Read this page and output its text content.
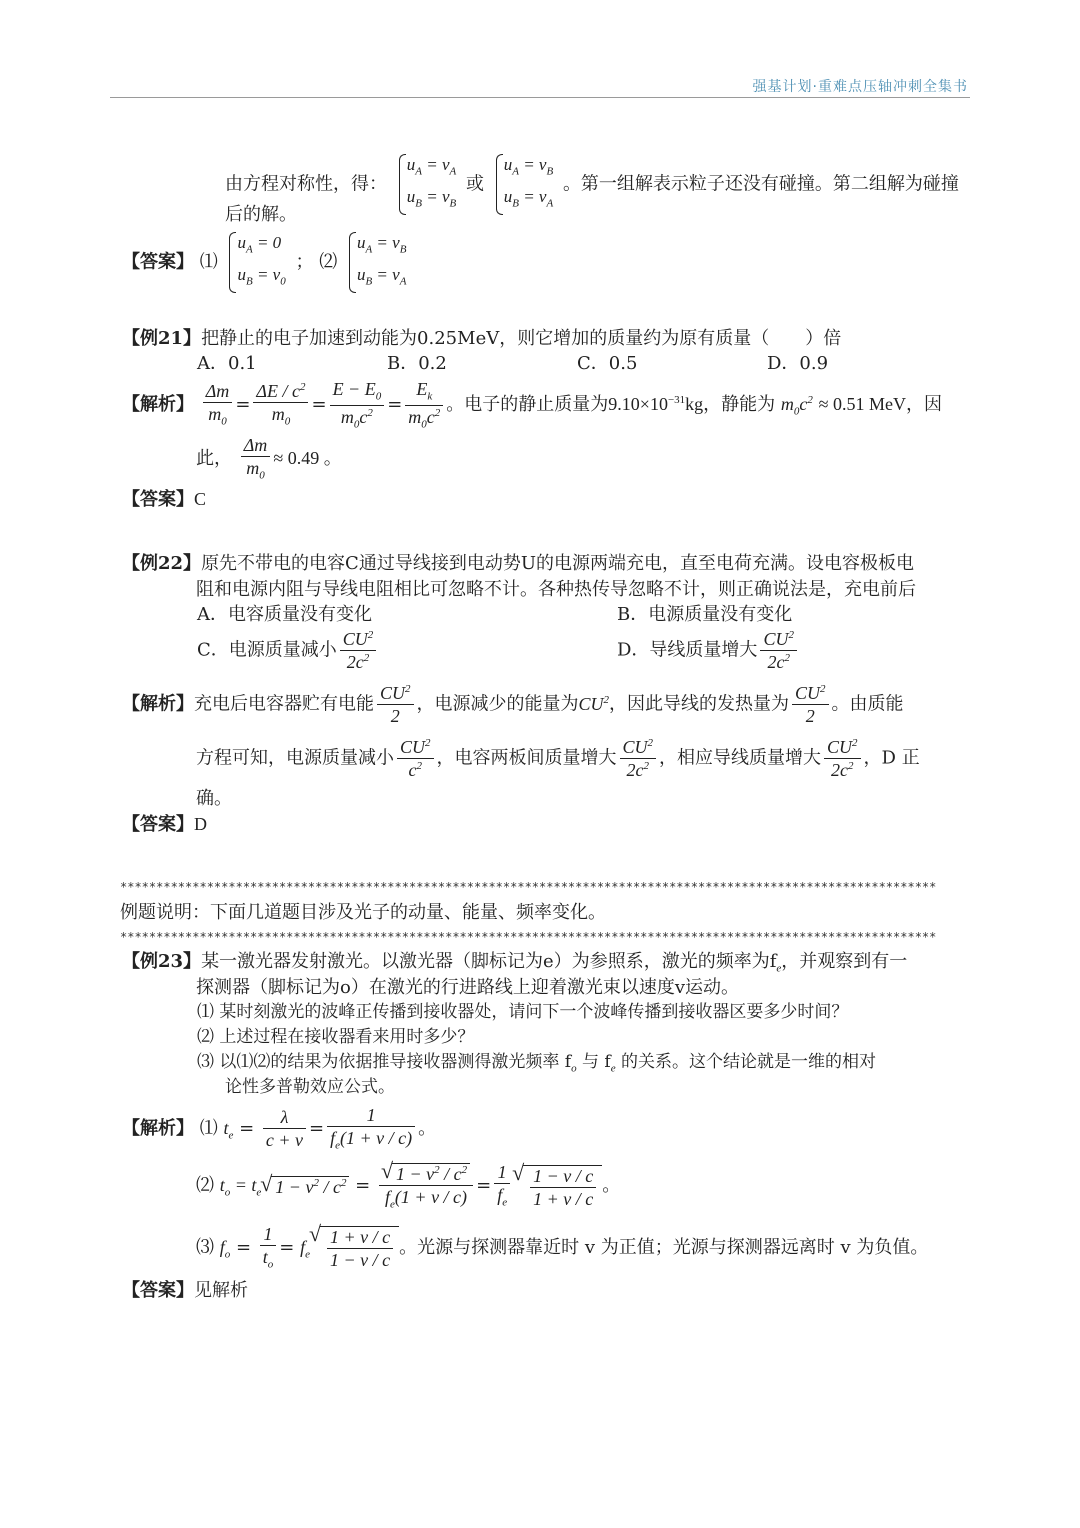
强基计划·重难点压轴冲刺全集书
由方程对称性，得：
$u_A = v_A$
$u_B = v_B$
或
$u_A = v_B$
$u_B = v_A$
。第一组解表示粒子还没有碰撞。第二组解为碰撞
后的解。
【答案】 ⑴
$u_A = 0$
$u_B = v_0$
； ⑵
$u_A = v_B$
$u_B = v_A$
【例21】把静止的电子加速到动能为0.25MeV，则它增加的质量约为原有质量（　　）倍
A．0.1	B．0.2	C．0.5	D．0.9
【解析】 $\frac{\Delta m}{m_0} = \frac{\Delta E / c^2}{m_0} = \frac{E - E_0}{m_0c^2} = \frac{E_k}{m_0c^2}$ 。电子的静止质量为$9.10\times 10^{-31}kg$，静能为 $m_0c^2 \approx 0.51$ MeV，因
此， $\frac{\Delta m}{m_0} \approx 0.49$ 。
【答案】C
【例22】原先不带电的电容C通过导线接到电动势U的电源两端充电，直至电荷充满。设电容极板电
阻和电源内阻与导线电阻相比可忽略不计。各种热传导忽略不计，则正确说法是，充电前后
A．电容质量没有变化	B．电源质量没有变化
C．电源质量减小 $\frac{CU^2}{2c^2}$	D．导线质量增大 $\frac{CU^2}{2c^2}$
【解析】充电后电容器贮有电能 $\frac{CU^2}{2}$ ，电源减少的能量为$CU^2$，因此导线的发热量为 $\frac{CU^2}{2}$ 。由质能
方程可知，电源质量减小 $\frac{CU^2}{c^2}$ ，电容两板间质量增大 $\frac{CU^2}{2c^2}$ ，相应导线质量增大 $\frac{CU^2}{2c^2}$ ，D 正
确。
【答案】D
*****************************************************************************************************************
例题说明：下面几道题目涉及光子的动量、能量、频率变化。
*****************************************************************************************************************
【例23】某一激光器发射激光。以激光器（脚标记为e）为参照系，激光的频率为$f_e$，并观察到有一
探测器（脚标记为o）在激光的行进路线上迎着激光束以速度v运动。
⑴ 某时刻激光的波峰正传播到接收器处，请问下一个波峰传播到接收器区要多少时间？
⑵ 上述过程在接收器看来用时多少？
⑶ 以⑴⑵的结果为依据推导接收器测得激光频率 $f_o$ 与 $f_e$ 的关系。这个结论就是一维的相对
论性多普勒效应公式。
【解析】 ⑴ $t_e = \frac{\lambda}{c + v} = \frac{1}{f_e(1 + v / c)}$ 。
⑵ $t_o = t_e√$ $1 - v^2 / c^2$ =
√ $\frac{1 - v^2 / c^2}{f_e(1 + v / c)} = \frac{1}{f_e}$
√ $\frac{1 - v / c}{1 + v / c}$ 。
⑶ $f_o = \frac{1}{t_o} = f_e$
√ $\frac{1 + v / c}{1 - v / c}$ 。光源与探测器靠近时 v 为正值；光源与探测器远离时 v 为负值。
【答案】见解析
